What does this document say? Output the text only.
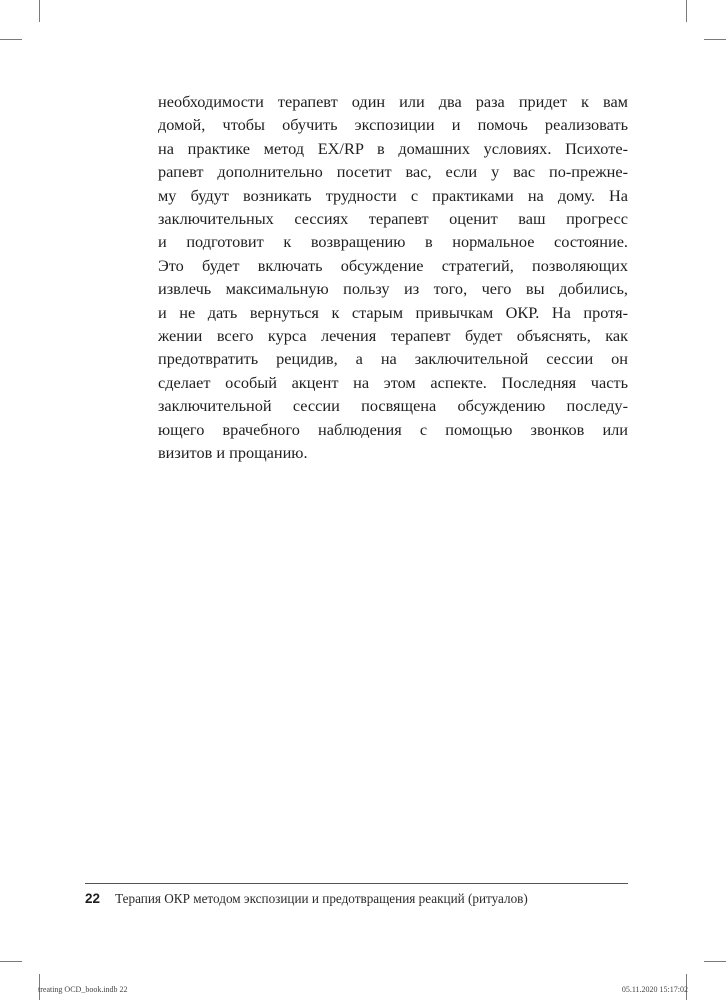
необходимости терапевт один или два раза придет к вам
домой, чтобы обучить экспозиции и помочь реализовать
на практике метод EX/RP в домашних условиях. Психоте-
рапевт дополнительно посетит вас, если у вас по-прежне-
му будут возникать трудности с практиками на дому. На
заключительных сессиях терапевт оценит ваш прогресс
и подготовит к возвращению в нормальное состояние.
Это будет включать обсуждение стратегий, позволяющих
извлечь максимальную пользу из того, чего вы добились,
и не дать вернуться к старым привычкам ОКР. На протя-
жении всего курса лечения терапевт будет объяснять, как
предотвратить рецидив, а на заключительной сессии он
сделает особый акцент на этом аспекте. Последняя часть
заключительной сессии посвящена обсуждению последу-
ющего врачебного наблюдения с помощью звонков или
визитов и прощанию.

22 Терапия ОКР методом экспозиции и предотвращения реакций (ритуалов)
treating OCD_book.indb 22	05.11.2020 15:17:02
